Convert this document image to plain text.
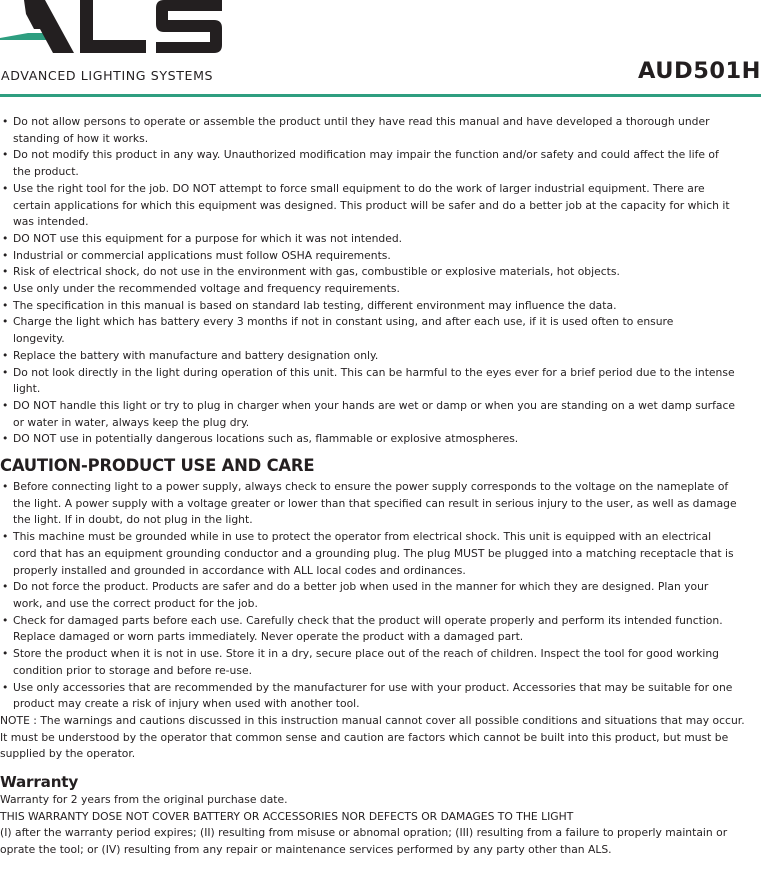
ADVANCED LIGHTING SYSTEMS	AUD501H
• Do not allow persons to operate or assemble the product until they have read this manual and have developed a thorough under standing of how it works.
• Do not modify this product in any way. Unauthorized modification may impair the function and/or safety and could affect the life of the product.
• Use the right tool for the job. DO NOT attempt to force small equipment to do the work of larger industrial equipment. There are certain applications for which this equipment was designed. This product will be safer and do a better job at the capacity for which it was intended.
• DO NOT use this equipment for a purpose for which it was not intended.
• Industrial or commercial applications must follow OSHA requirements.
• Risk of electrical shock, do not use in the environment with gas, combustible or explosive materials, hot objects.
• Use only under the recommended voltage and frequency requirements.
• The specification in this manual is based on standard lab testing, different environment may influence the data.
• Charge the light which has battery every 3 months if not in constant using, and after each use, if it is used often to ensure longevity.
• Replace the battery with manufacture and battery designation only.
• Do not look directly in the light during operation of this unit. This can be harmful to the eyes ever for a brief period due to the intense light.
• DO NOT handle this light or try to plug in charger when your hands are wet or damp or when you are standing on a wet damp surface or water in water, always keep the plug dry.
• DO NOT use in potentially dangerous locations such as, flammable or explosive atmospheres.
CAUTION-PRODUCT USE AND CARE
• Before connecting light to a power supply, always check to ensure the power supply corresponds to the voltage on the nameplate of the light. A power supply with a voltage greater or lower than that specified can result in serious injury to the user, as well as damage the light. If in doubt, do not plug in the light.
• This machine must be grounded while in use to protect the operator from electrical shock. This unit is equipped with an electrical cord that has an equipment grounding conductor and a grounding plug. The plug MUST be plugged into a matching receptacle that is properly installed and grounded in accordance with ALL local codes and ordinances.
• Do not force the product. Products are safer and do a better job when used in the manner for which they are designed. Plan your work, and use the correct product for the job.
• Check for damaged parts before each use. Carefully check that the product will operate properly and perform its intended function. Replace damaged or worn parts immediately. Never operate the product with a damaged part.
• Store the product when it is not in use. Store it in a dry, secure place out of the reach of children. Inspect the tool for good working condition prior to storage and before re-use.
• Use only accessories that are recommended by the manufacturer for use with your product. Accessories that may be suitable for one product may create a risk of injury when used with another tool.

NOTE : The warnings and cautions discussed in this instruction manual cannot cover all possible conditions and situations that may occur. It must be understood by the operator that common sense and caution are factors which cannot be built into this product, but must be supplied by the operator.

Warranty

Warranty for 2 years from the original purchase date.

THIS WARRANTY DOSE NOT COVER BATTERY OR ACCESSORIES NOR DEFECTS OR DAMAGES TO THE LIGHT

(I) after the warranty period expires; (II) resulting from misuse or abnomal opration; (III) resulting from a failure to properly maintain or oprate the tool; or (IV) resulting from any repair or maintenance services performed by any party other than ALS.
